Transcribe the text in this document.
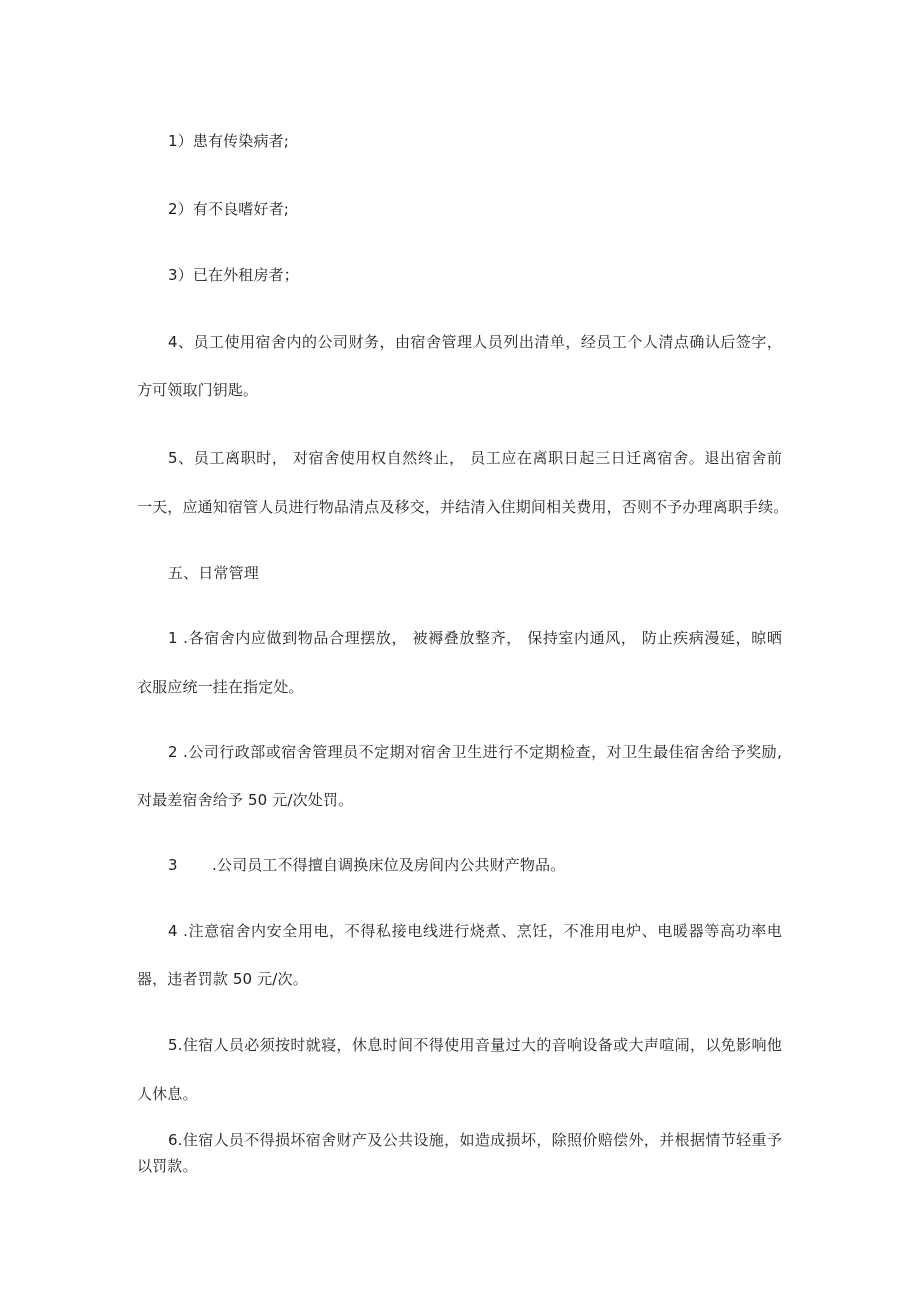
1）患有传染病者;
2）有不良嗜好者;
3）已在外租房者；
4、员工使用宿舍内的公司财务，由宿舍管理人员列出清单，经员工个人清点确认后签字，
方可领取门钥匙。
5、员工离职时， 对宿舍使用权自然终止， 员工应在离职日起三日迁离宿舍。退出宿舍前
一天，应通知宿管人员进行物品清点及移交，并结清入住期间相关费用，否则不予办理离职手续。
五、日常管理
1 .各宿舍内应做到物品合理摆放， 被褥叠放整齐， 保持室内通风， 防止疾病漫延，晾晒
衣服应统一挂在指定处。
2 .公司行政部或宿舍管理员不定期对宿舍卫生进行不定期检查，对卫生最佳宿舍给予奖励,
对最差宿舍给予 50 元/次处罚。
3 .公司员工不得擅自调换床位及房间内公共财产物品。
4 .注意宿舍内安全用电，不得私接电线进行烧煮、烹饪，不准用电炉、电暖器等高功率电
器，违者罚款 50 元/次。
5.住宿人员必须按时就寝，休息时间不得使用音量过大的音响设备或大声喧闹，以免影响他
人休息。
6.住宿人员不得损坏宿舍财产及公共设施，如造成损坏，除照价赔偿外，并根据情节轻重予
以罚款。
